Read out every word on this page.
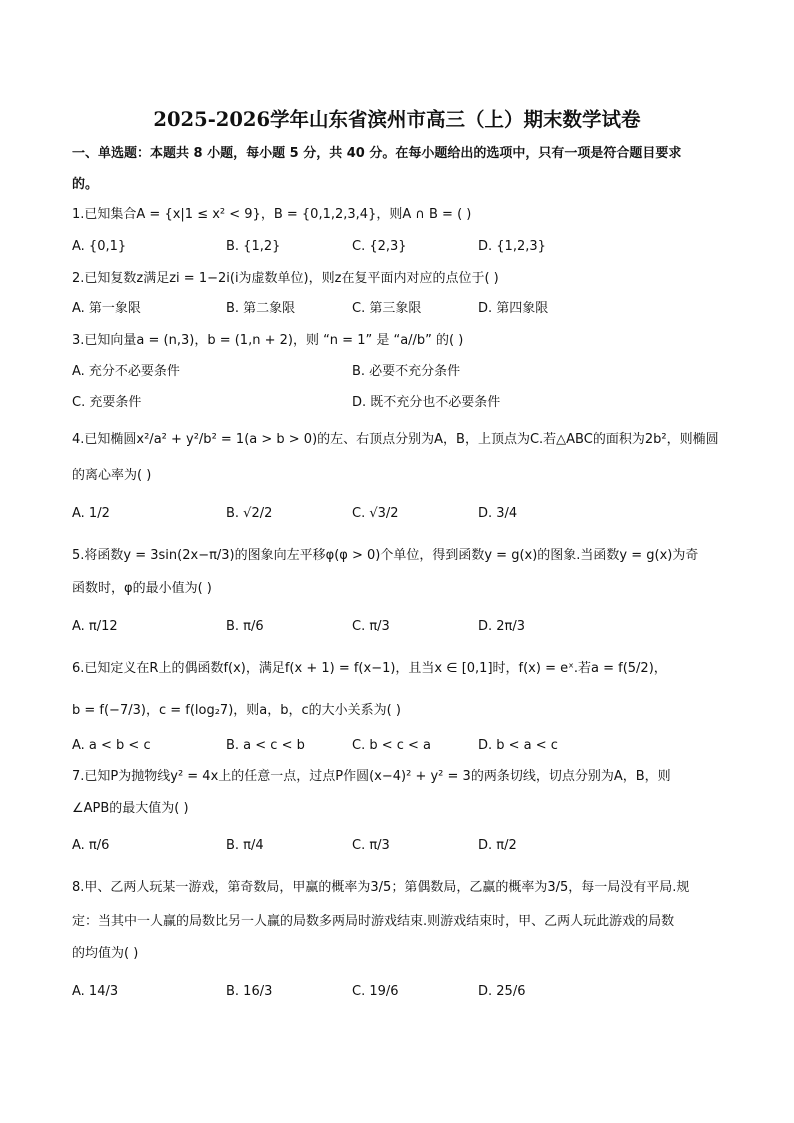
2025-2026学年山东省滨州市高三（上）期末数学试卷
一、单选题：本题共 8 小题，每小题 5 分，共 40 分。在每小题给出的选项中，只有一项是符合题目要求
的。
1.已知集合A = {x|1 ≤ x² < 9}，B = {0,1,2,3,4}，则A ∩ B = ( )
A. {0,1}	B. {1,2}	C. {2,3}	D. {1,2,3}
2.已知复数z满足zi = 1−2i(i为虚数单位)，则z在复平面内对应的点位于( )
A. 第一象限	B. 第二象限	C. 第三象限	D. 第四象限
3.已知向量a = (n,3)，b = (1,n + 2)，则 “n = 1” 是 “a//b” 的( )
A. 充分不必要条件	B. 必要不充分条件
C. 充要条件	D. 既不充分也不必要条件
4.已知椭圆x²/a² + y²/b² = 1(a > b > 0)的左、右顶点分别为A，B，上顶点为C.若△ABC的面积为2b²，则椭圆
的离心率为( )
A. 1/2	B. √2/2	C. √3/2	D. 3/4
5.将函数y = 3sin(2x−π/3)的图象向左平移φ(φ > 0)个单位，得到函数y = g(x)的图象.当函数y = g(x)为奇
函数时，φ的最小值为( )
A. π/12	B. π/6	C. π/3	D. 2π/3
6.已知定义在R上的偶函数f(x)，满足f(x + 1) = f(x−1)，且当x ∈ [0,1]时，f(x) = eˣ.若a = f(5/2)，
b = f(−7/3)，c = f(log₂7)，则a，b，c的大小关系为( )
A. a < b < c	B. a < c < b	C. b < c < a	D. b < a < c
7.已知P为抛物线y² = 4x上的任意一点，过点P作圆(x−4)² + y² = 3的两条切线，切点分别为A，B，则
∠APB的最大值为( )
A. π/6	B. π/4	C. π/3	D. π/2
8.甲、乙两人玩某一游戏，第奇数局，甲赢的概率为3/5；第偶数局，乙赢的概率为3/5，每一局没有平局.规
定：当其中一人赢的局数比另一人赢的局数多两局时游戏结束.则游戏结束时，甲、乙两人玩此游戏的局数
的均值为( )
A. 14/3	B. 16/3	C. 19/6	D. 25/6
